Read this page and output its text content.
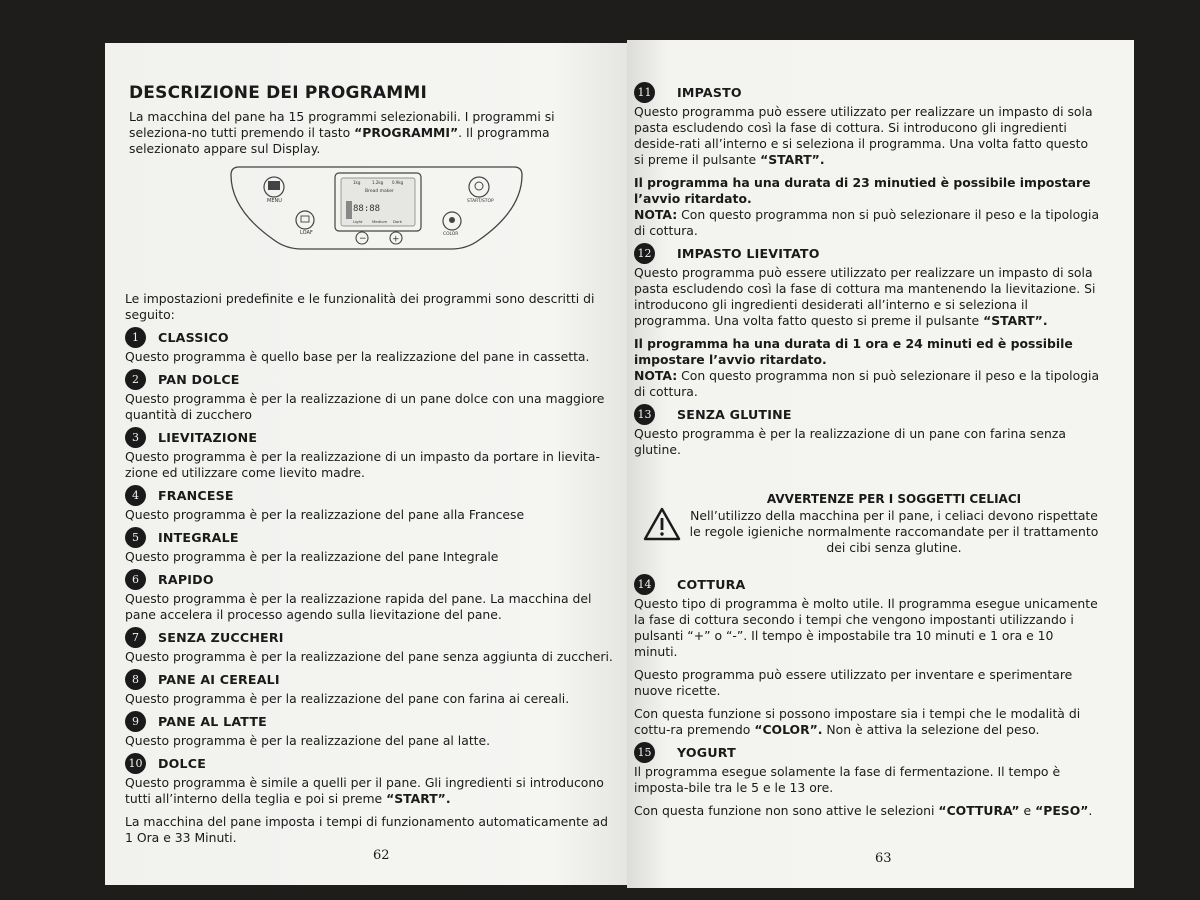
DESCRIZIONE DEI PROGRAMMI

La macchina del pane ha 15 programmi selezionabili. I programmi si seleziona-no tutti premendo il tasto “PROGRAMMI”. Il programma selezionato appare sul Display.

88:88
MENU
LOAF
START/STOP
COLOR
Bread maker
1kg	1.2kg 0.9kg
Light	Medium Dark
−	+

Le impostazioni predefinite e le funzionalità dei programmi sono descritti di seguito:

1	CLASSICO

Questo programma è quello base per la realizzazione del pane in cassetta.

2	PAN DOLCE

Questo programma è per la realizzazione di un pane dolce con una maggiore quantità di zucchero

3	LIEVITAZIONE

Questo programma è per la realizzazione di un impasto da portare in lievita-zione ed utilizzare come lievito madre.

4	FRANCESE

Questo programma è per la realizzazione del pane alla Francese

5	INTEGRALE

Questo programma è per la realizzazione del pane Integrale

6	RAPIDO

Questo programma è per la realizzazione rapida del pane. La macchina del pane accelera il processo agendo sulla lievitazione del pane.

7	SENZA ZUCCHERI

Questo programma è per la realizzazione del pane senza aggiunta di zuccheri.

8	PANE AI CEREALI

Questo programma è per la realizzazione del pane con farina ai cereali.

9	PANE AL LATTE

Questo programma è per la realizzazione del pane al latte.

10 DOLCE

Questo programma è simile a quelli per il pane. Gli ingredienti si introducono tutti all’interno della teglia e poi si preme “START”.

La macchina del pane imposta i tempi di funzionamento automaticamente ad 1 Ora e 33 Minuti.

62
11 IMPASTO

Questo programma può essere utilizzato per realizzare un impasto di sola pasta escludendo così la fase di cottura. Si introducono gli ingredienti deside-rati all’interno e si seleziona il programma. Una volta fatto questo si preme il pulsante “START”.

Il programma ha una durata di 23 minutied è possibile impostare l’avvio ritardato.

NOTA: Con questo programma non si può selezionare il peso e la tipologia di cottura.

12 IMPASTO LIEVITATO

Questo programma può essere utilizzato per realizzare un impasto di sola pasta escludendo così la fase di cottura ma mantenendo la lievitazione. Si introducono gli ingredienti desiderati all’interno e si seleziona il programma. Una volta fatto questo si preme il pulsante “START”.

Il programma ha una durata di 1 ora e 24 minuti ed è possibile impostare l’avvio ritardato.

NOTA: Con questo programma non si può selezionare il peso e la tipologia di cottura.

13 SENZA GLUTINE

Questo programma è per la realizzazione di un pane con farina senza glutine.

AVVERTENZE PER I SOGGETTI CELIACI

Nell’utilizzo della macchina per il pane, i celiaci devono rispettate le regole igieniche normalmente raccomandate per il trattamento dei cibi senza glutine.

14 COTTURA

Questo tipo di programma è molto utile. Il programma esegue unicamente la fase di cottura secondo i tempi che vengono impostanti utilizzando i pulsanti “+” o “-”. Il tempo è impostabile tra 10 minuti e 1 ora e 10 minuti.

Questo programma può essere utilizzato per inventare e sperimentare nuove ricette.

Con questa funzione si possono impostare sia i tempi che le modalità di cottu-ra premendo “COLOR”. Non è attiva la selezione del peso.

15 YOGURT

Il programma esegue solamente la fase di fermentazione. Il tempo è imposta-bile tra le 5 e le 13 ore.

Con questa funzione non sono attive le selezioni “COTTURA” e “PESO”.

63
